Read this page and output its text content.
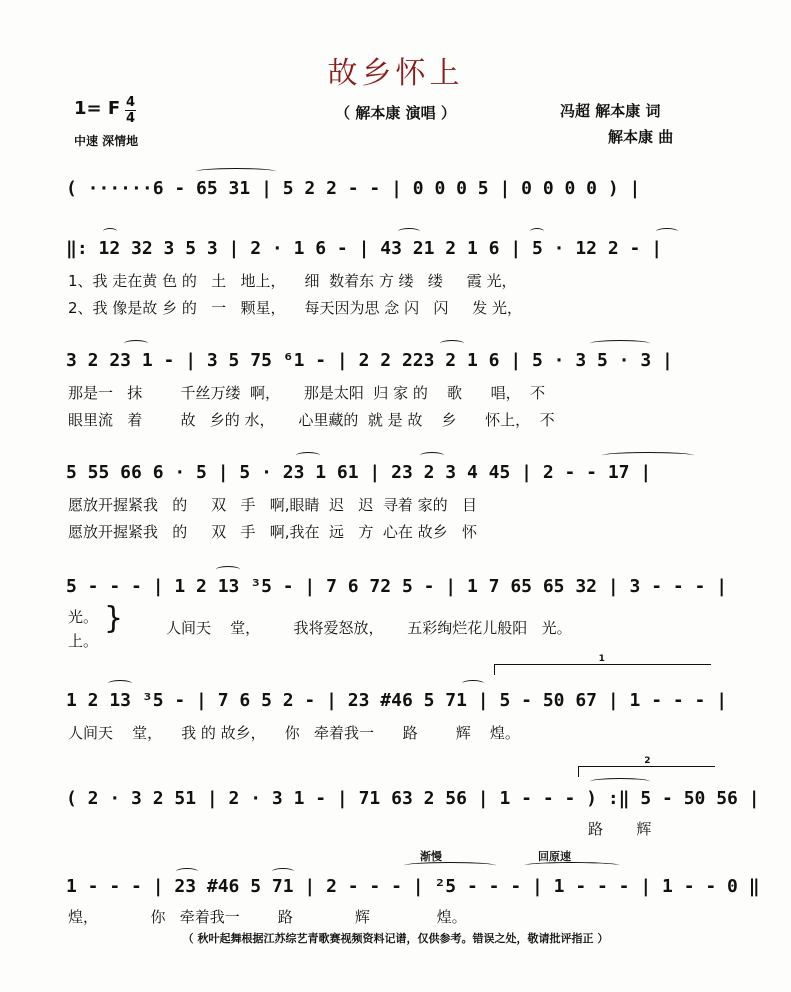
故乡怀上
（ 解本康 演唱 ）
1= F 4
4
中速 深情地
冯超 解本康 词
解本康 曲
( ······6 - 65 31 | 5 2 2 - - | 0 0 0 5 | 0 0 0 0 ) |
‖: 12 32 3 5 3 | 2 · 1 6 - | 43 21 2 1 6 | 5 · 12 2 - |
1、我 走在黄 色 的   土   地上，    细  数着东 方 缕   缕     霞 光，
2、我 像是故 乡 的   一   颗星，    每天因为思 念 闪   闪     发 光，
3 2 23 1 - | 3 5 75 ⁶1 - | 2 2 223 2 1 6 | 5 · 3 5 · 3 |
那是一   抹        千丝万缕  啊，     那是太阳  归 家 的    歌      唱，  不
眼里流   着        故   乡的 水，     心里藏的  就 是 故    乡      怀上，  不
5 55 66 6 · 5 | 5 · 23 1 61 | 23 2 3 4 45 | 2 - - 17 |
愿放开握紧我   的     双   手   啊,眼睛  迟   迟  寻着 家的   目
愿放开握紧我   的     双   手   啊,我在  远   方  心在 故乡   怀
5 - - - | 1 2 13 ³5 - | 7 6 72 5 - | 1 7 65 65 32 | 3 - - - |
光。
上。
}	人间天    堂，       我将爱怒放，     五彩绚烂花儿般阳   光。
1
1 2 13 ³5 - | 7 6 5 2 - | 23 #46 5 71 | 5 - 50 67 | 1 - - - |
人间天    堂，    我 的 故乡，    你   牵着我一      路        辉    煌。
2
( 2 · 3 2 51 | 2 · 3 1 - | 71 63 2 56 | 1 - - - ) :‖ 5 - 50 56 |
路       辉
渐慢	回原速
1 - - - | 23 #46 5 71 | 2 - - - | ²5 - - - | 1 - - - | 1 - - 0 ‖
煌，           你   牵着我一        路             辉              煌。
（ 秋叶起舞根据江苏综艺青歌赛视频资料记谱，仅供参考。错误之处，敬请批评指正 ）
